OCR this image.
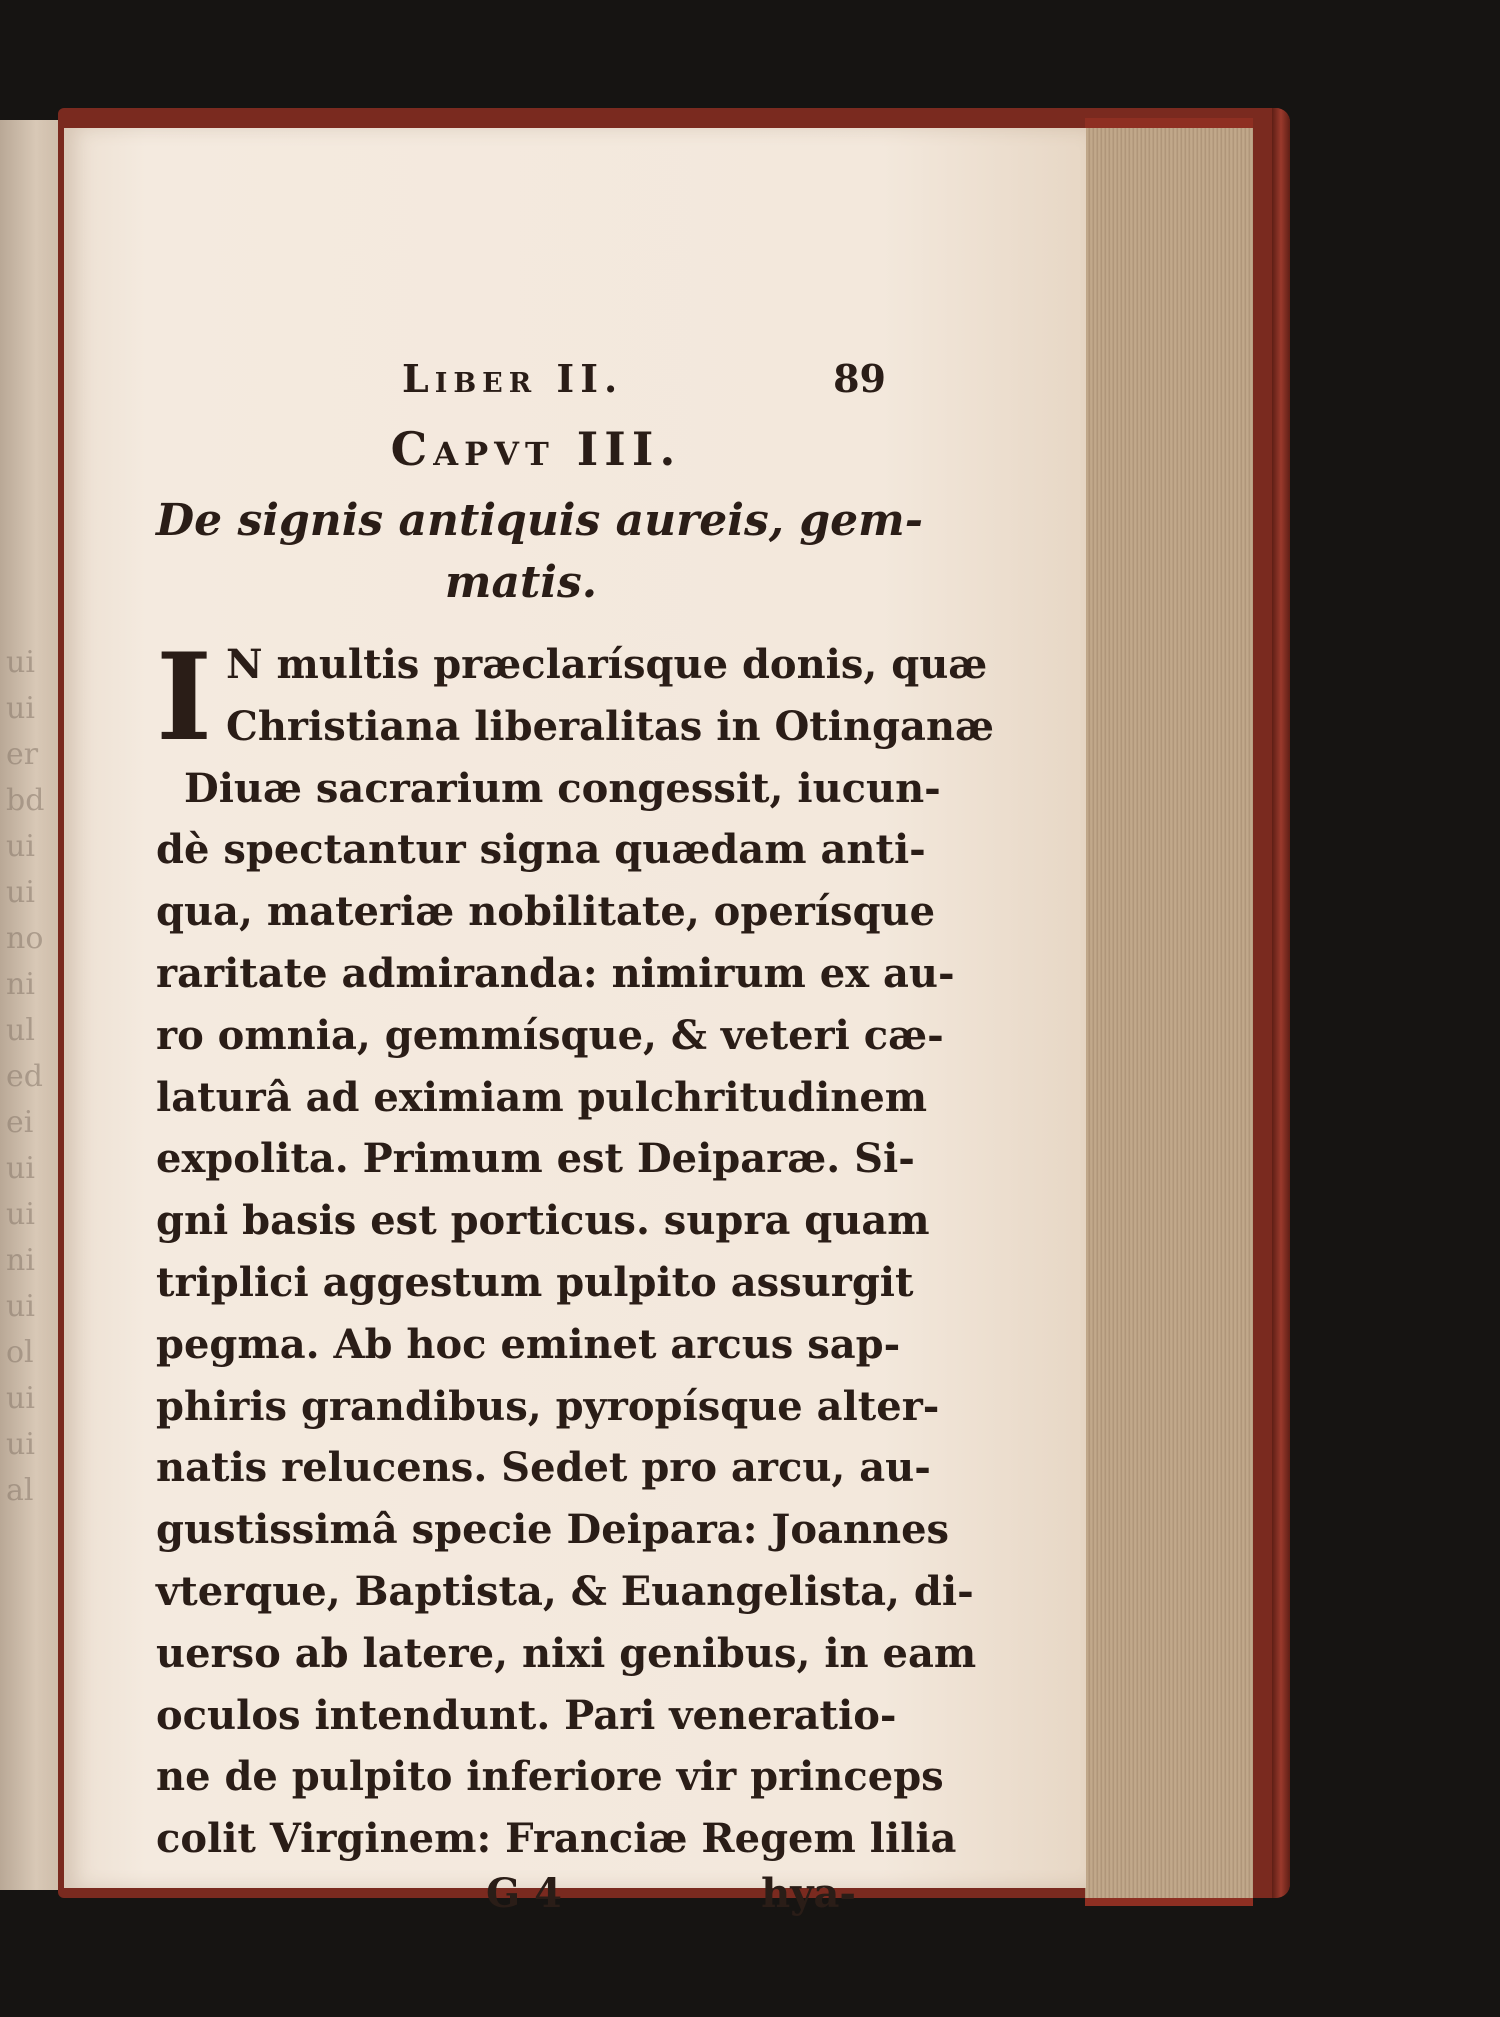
ui
ui
er
bd
ui
ui
no
ni
ul
ed
ei
ui
ui
ni
ui
ol
ui
ui
al
Liber II.	89
Capvt III.
De signis antiquis aureis, gem-
matis.
I N multis præclarísque donis, quæ
Christiana liberalitas in Otinganæ
Diuæ sacrarium congessit, iucun-
dè spectantur signa quædam anti-
qua, materiæ nobilitate, operísque
raritate admiranda: nimirum ex au-
ro omnia, gemmísque, & veteri cæ-
laturâ ad eximiam pulchritudinem
expolita. Primum est Deiparæ. Si-
gni basis est porticus. supra quam
triplici aggestum pulpito assurgit
pegma. Ab hoc eminet arcus sap-
phiris grandibus, pyropísque alter-
natis relucens. Sedet pro arcu, au-
gustissimâ specie Deipara: Joannes
vterque, Baptista, & Euangelista, di-
uerso ab latere, nixi genibus, in eam
oculos intendunt. Pari veneratio-
ne de pulpito inferiore vir princeps
colit Virginem: Franciæ Regem lilia
G 4	hya-
